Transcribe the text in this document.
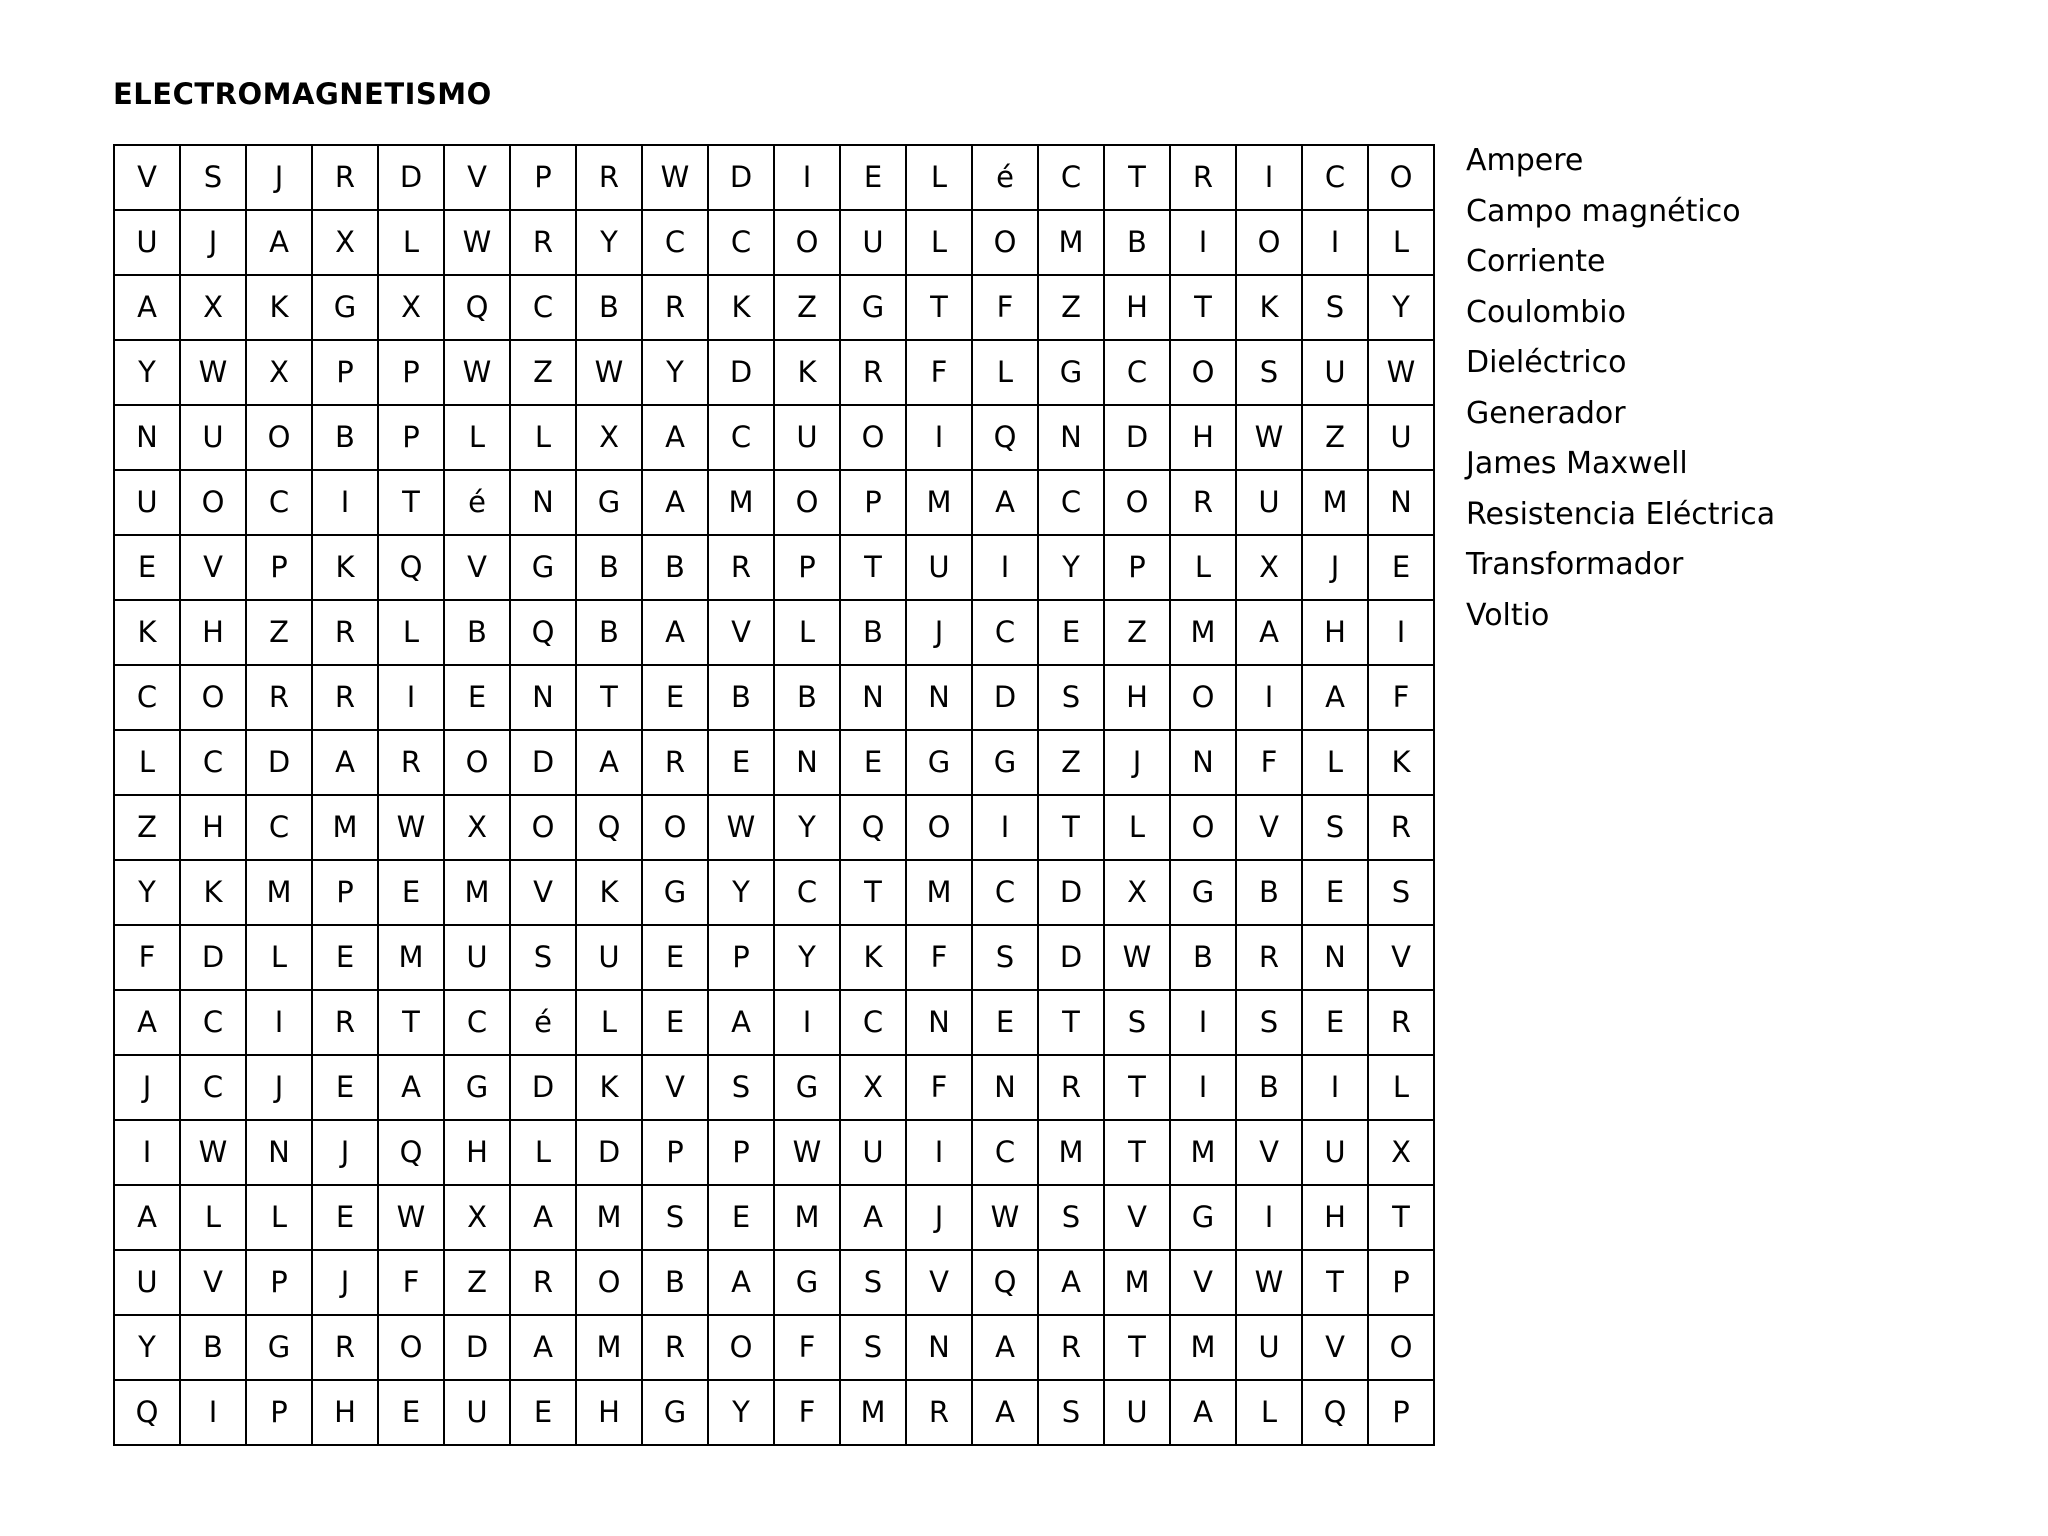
ELECTROMAGNETISMO
V	S	J	R	D	V	P	R	W	D	I	E	L	é	C	T	R	I	C	O
U	J	A	X	L	W	R	Y	C	C	O	U	L	O	M	B	I	O	I	L
A	X	K	G	X	Q	C	B	R	K	Z	G	T	F	Z	H	T	K	S	Y
Y	W	X	P	P	W	Z	W	Y	D	K	R	F	L	G	C	O	S	U	W
N	U	O	B	P	L	L	X	A	C	U	O	I	Q	N	D	H	W	Z	U
U	O	C	I	T	é	N	G	A	M	O	P	M	A	C	O	R	U	M	N
E	V	P	K	Q	V	G	B	B	R	P	T	U	I	Y	P	L	X	J	E
K	H	Z	R	L	B	Q	B	A	V	L	B	J	C	E	Z	M	A	H	I
C	O	R	R	I	E	N	T	E	B	B	N	N	D	S	H	O	I	A	F
L	C	D	A	R	O	D	A	R	E	N	E	G	G	Z	J	N	F	L	K
Z	H	C	M	W	X	O	Q	O	W	Y	Q	O	I	T	L	O	V	S	R
Y	K	M	P	E	M	V	K	G	Y	C	T	M	C	D	X	G	B	E	S
F	D	L	E	M	U	S	U	E	P	Y	K	F	S	D	W	B	R	N	V
A	C	I	R	T	C	é	L	E	A	I	C	N	E	T	S	I	S	E	R
J	C	J	E	A	G	D	K	V	S	G	X	F	N	R	T	I	B	I	L
I	W	N	J	Q	H	L	D	P	P	W	U	I	C	M	T	M	V	U	X
A	L	L	E	W	X	A	M	S	E	M	A	J	W	S	V	G	I	H	T
U	V	P	J	F	Z	R	O	B	A	G	S	V	Q	A	M	V	W	T	P
Y	B	G	R	O	D	A	M	R	O	F	S	N	A	R	T	M	U	V	O
Q	I	P	H	E	U	E	H	G	Y	F	M	R	A	S	U	A	L	Q	P
Ampere
Campo magnético
Corriente
Coulombio
Dieléctrico
Generador
James Maxwell
Resistencia Eléctrica
Transformador
Voltio
